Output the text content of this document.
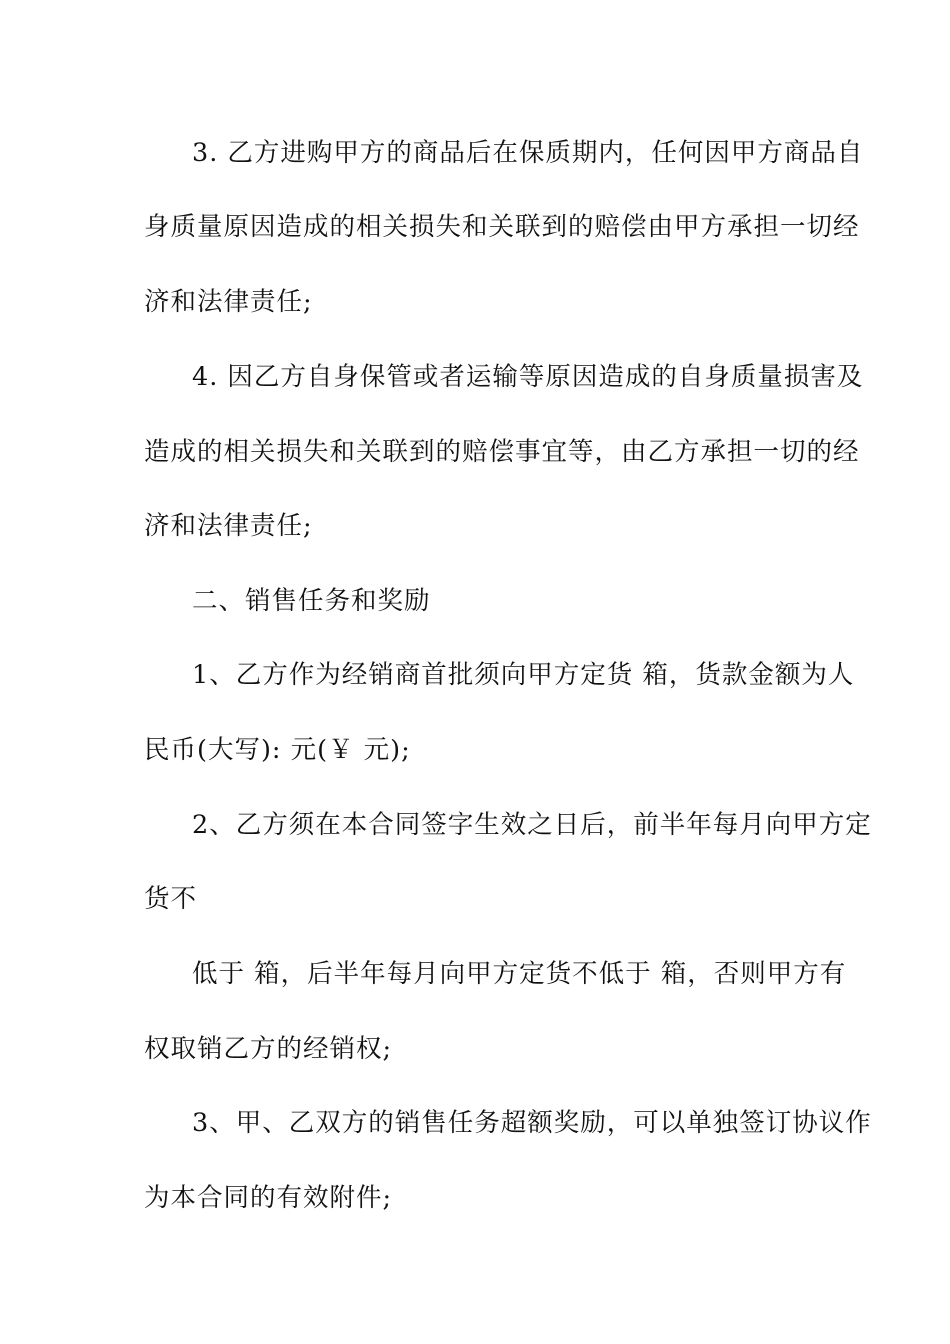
3. 乙方进购甲方的商品后在保质期内，任何因甲方商品自
身质量原因造成的相关损失和关联到的赔偿由甲方承担一切经
济和法律责任;
4. 因乙方自身保管或者运输等原因造成的自身质量损害及
造成的相关损失和关联到的赔偿事宜等，由乙方承担一切的经
济和法律责任;
二、销售任务和奖励
1、乙方作为经销商首批须向甲方定货 箱，货款金额为人
民币(大写): 元(￥ 元);
2、乙方须在本合同签字生效之日后，前半年每月向甲方定
货不
低于 箱，后半年每月向甲方定货不低于 箱，否则甲方有
权取销乙方的经销权;
3、甲、乙双方的销售任务超额奖励，可以单独签订协议作
为本合同的有效附件;
